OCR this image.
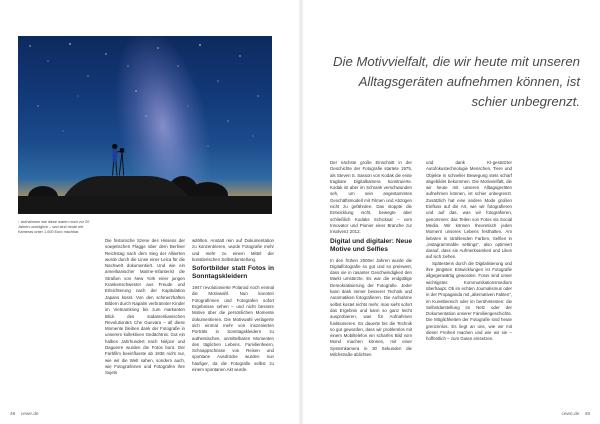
↑ Aufnahmen wie diese waren noch vor 20 Jahren unmöglich – und sind heute mit Kameras unter 1.000 Euro machbar.

Die historische Szene des Hissens der sowjetischen Flagge über dem Berliner Reichstag nach dem Sieg der Alliierten wurde durch die Linse einer Leica für die Nachwelt dokumentiert. Und wie ein amerikanischer Marine-Infanterist die Straßen von New York einer jungen Krankenschwester aus Freude und Erleichterung nach der Kapitulation Japans küsst. Von den schmerzhaften Bildern durch Napalm verbrannter Kinder im Vietnamkrieg bis zum markanten Blick des südamerikanischen Revolutionärs Che Guevara – all diese Momente bleiben dank der Fotografie in unserem kollektiven Gedächtnis. Gut ein halbes Jahrhundert nach Niépce und Daguerre wurden die Fotos bunt. Der Farbfilm beeinflusste ab 1936 nicht nur, wie wir die Welt sahen, sondern auch, wie Fotografinnen und Fotografen ihre Sujets

wählten. Anstatt rein auf Dokumentation zu konzentrieren, wurde Fotografie mehr und mehr zu einem Mittel der künstlerischen Selbstdarstellung.

Sofortbilder statt Fotos in Sonntagskleidern

1947 revolutionierte Polaroid noch einmal die Motivwahl. Nun konnten Fotografinnen und Fotografen sofort Ergebnisse sehen – und nicht bessere Motive über die persönlichen Momente dokumentieren. Die Motivwahl verlagerte sich einmal mehr von inszenierten Porträts in Sonntagskleidern zu authentischen, unmittelbaren Momenten des täglichen Lebens. Familienfeiern, Schnappschüsse von Reisen und spontane Ausdrücke wurden nun häufiger, da die Fotografie selbst zu einem spontanen Akt wurde.

48 cewe.de
Die Motivvielfalt, die wir heute mit unseren Alltagsgeräten aufnehmen können, ist schier unbegrenzt.

Der nächste große Einschnitt in der Geschichte der Fotografie startete 1975, als Steven S. Sasson von Kodak die erste tragbare Digitalkamera konstruierte. Kodak ist aber im Schrank verschwunden seh, um sein angestammtes Geschäftsmodell mit Filmen und Abzügen nicht zu gefährden. Das stoppte die Entwicklung nicht, bewegte aber schließlich Kodaks Schicksal – vom Innovator und Pionier einer Branche zur Insolvenz 2012.

Digital und digitaler: Neue Motive und Selfies

In den frühen 2000er Jahren wurde die Digitalfotografie so gut und so preiswert, dass sie in rasanter Geschwindigkeit den Markt umstürzte. Es war die endgültige Demokratisierung der Fotografie. Jeder kann dank immer besserer Technik und Automatiken fotografieren. Die Aufnahme selbst kostet nichts mehr, man sieht sofort das Ergebnis und kann so ganz leicht ausprobieren, was für Aufnahmen funktionieren. Es dauerte bis die Technik so gut geworden, dass wir problemlos mit einem Mobiltelefon ein scharfes Bild vom Mond machen können, mit einer Systemkamera in 30 Sekunden die Milchstraße ablichten

und dank KI-gestützter Autofokustechnologie Menschen, Tiere und Objekte in schneller Bewegung stets scharf abgebildet bekommen. Die Motivvielfalt, die wir heute mit unseren Alltagsgeräten aufnehmen können, ist schier unbegrenzt. Zusätzlich hat eine andere Mode großen Einfluss auf die Art, wie wir fotografieren und auf das, was wir fotografieren, genommen: das Teilen von Fotos via Social Media. Wir können theoretisch jeden Moment unseres Lebens festhalten. Am liebsten in strahlenden Farben, Selfies in „instagrammable settings“, also optimiert darauf, dass sie Aufmerksamkeit und Likes auf sich ziehen.

Spätestens durch die Digitalisierung und ihre jüngsten Entwicklungen ist Fotografie allgegenwärtig geworden. Fotos sind unser wichtigstes Kommunikationsmedium überhaupt. Ob im echten Journalismus oder in der Propaganda mit „alternativen Fakten“, im Kunstbereich oder im berühmtesten: die Selbstdarstellung im Netz oder der Dokumentation unserer Familiengeschichte. Die Möglichkeiten der Fotografie sind heute grenzenlos. Es liegt an uns, wie wir mit dieser Freiheit machen und wie wir sie – hoffentlich – zum Guten einsetzen.

cewe.de 49
